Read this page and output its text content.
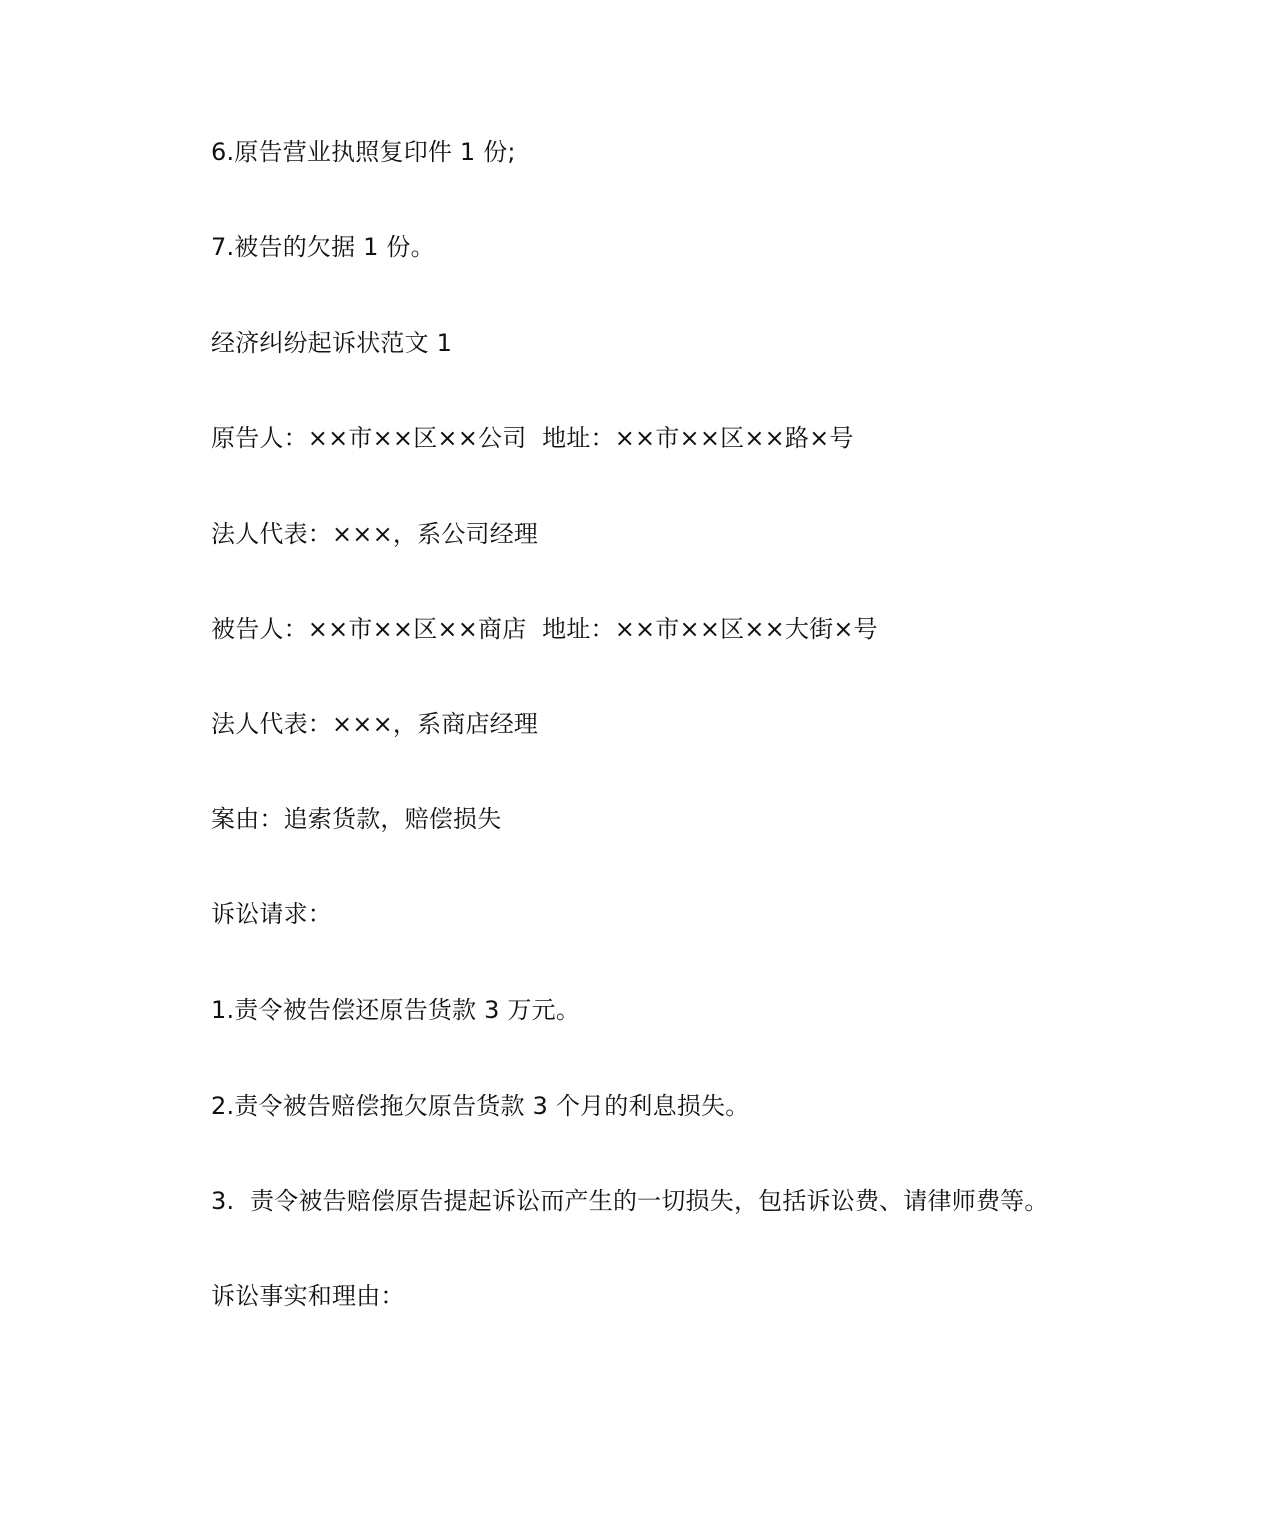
6.原告营业执照复印件 1 份;

7.被告的欠据 1 份。

经济纠纷起诉状范文 1

原告人：××市××区××公司  地址：××市××区××路×号

法人代表：×××，系公司经理

被告人：××市××区××商店  地址：××市××区××大街×号

法人代表：×××，系商店经理

案由：追索货款，赔偿损失

诉讼请求：

1.责令被告偿还原告货款 3 万元。

2.责令被告赔偿拖欠原告货款 3 个月的利息损失。

3.  责令被告赔偿原告提起诉讼而产生的一切损失，包括诉讼费、请律师费等。

诉讼事实和理由：
